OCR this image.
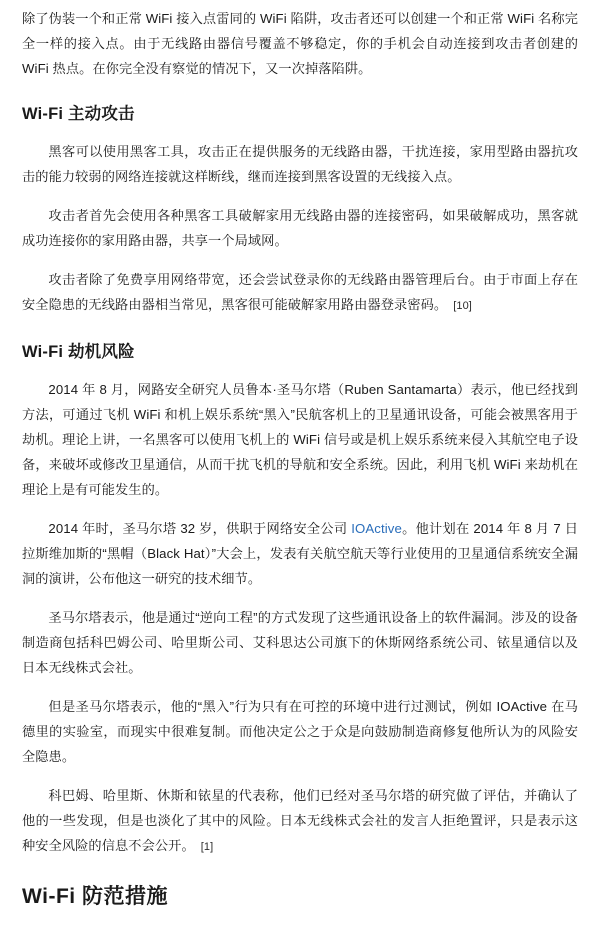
除了伪装一个和正常 WiFi 接入点雷同的 WiFi 陷阱，攻击者还可以创建一个和正常 WiFi 名称完全一样的接入点。由于无线路由器信号覆盖不够稳定，你的手机会自动连接到攻击者创建的 WiFi 热点。在你完全没有察觉的情况下，又一次掉落陷阱。

Wi-Fi 主动攻击

黑客可以使用黑客工具，攻击正在提供服务的无线路由器，干扰连接，家用型路由器抗攻击的能力较弱的网络连接就这样断线，继而连接到黑客设置的无线接入点。

攻击者首先会使用各种黑客工具破解家用无线路由器的连接密码，如果破解成功，黑客就成功连接你的家用路由器，共享一个局域网。

攻击者除了免费享用网络带宽，还会尝试登录你的无线路由器管理后台。由于市面上存在安全隐患的无线路由器相当常见，黑客很可能破解家用路由器登录密码。 [10]

Wi-Fi 劫机风险

2014 年 8 月，网路安全研究人员鲁本·圣马尔塔（Ruben Santamarta）表示，他已经找到方法，可通过飞机 WiFi 和机上娱乐系统“黑入”民航客机上的卫星通讯设备，可能会被黑客用于劫机。理论上讲，一名黑客可以使用飞机上的 WiFi 信号或是机上娱乐系统来侵入其航空电子设备，来破坏或修改卫星通信，从而干扰飞机的导航和安全系统。因此，利用飞机 WiFi 来劫机在理论上是有可能发生的。

2014 年时，圣马尔塔 32 岁，供职于网络安全公司 IOActive。他计划在 2014 年 8 月 7 日拉斯维加斯的“黑帽（Black Hat）”大会上，发表有关航空航天等行业使用的卫星通信系统安全漏洞的演讲，公布他这一研究的技术细节。

圣马尔塔表示，他是通过“逆向工程”的方式发现了这些通讯设备上的软件漏洞。涉及的设备制造商包括科巴姆公司、哈里斯公司、艾科思达公司旗下的休斯网络系统公司、铱星通信以及日本无线株式会社。

但是圣马尔塔表示，他的“黑入”行为只有在可控的环境中进行过测试，例如 IOActive 在马德里的实验室，而现实中很难复制。而他决定公之于众是向鼓励制造商修复他所认为的风险安全隐患。

科巴姆、哈里斯、休斯和铱星的代表称，他们已经对圣马尔塔的研究做了评估，并确认了他的一些发现，但是也淡化了其中的风险。日本无线株式会社的发言人拒绝置评，只是表示这种安全风险的信息不会公开。 [1]

Wi-Fi 防范措施
